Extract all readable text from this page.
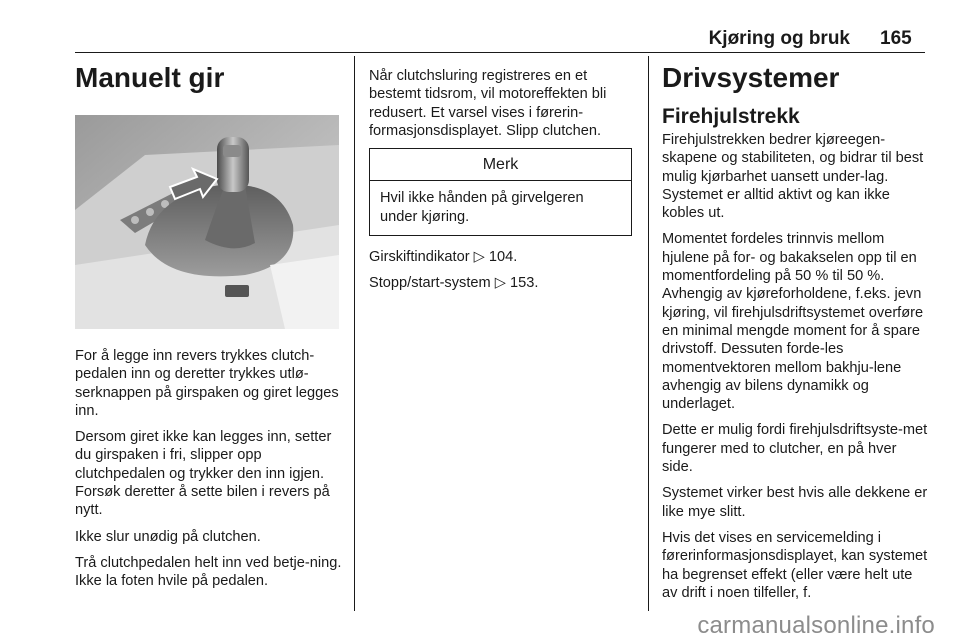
Kjøring og bruk 165
Manuelt gir

For å legge inn revers trykkes clutch-pedalen inn og deretter trykkes utlø-serknappen på girspaken og giret legges inn.

Dersom giret ikke kan legges inn, setter du girspaken i fri, slipper opp clutchpedalen og trykker den inn igjen. Forsøk deretter å sette bilen i revers på nytt.

Ikke slur unødig på clutchen.

Trå clutchpedalen helt inn ved betje-ning. Ikke la foten hvile på pedalen.

Når clutchsluring registreres en et bestemt tidsrom, vil motoreffekten bli redusert. Et varsel vises i førerin-formasjonsdisplayet. Slipp clutchen.

Merk
Hvil ikke hånden på girvelgeren under kjøring.

Girskiftindikator ▷ 104.

Stopp/start-system ▷ 153.

Drivsystemer
Firehjulstrekk

Firehjulstrekken bedrer kjøreegen-skapene og stabiliteten, og bidrar til best mulig kjørbarhet uansett under-lag. Systemet er alltid aktivt og kan ikke kobles ut.

Momentet fordeles trinnvis mellom hjulene på for- og bakakselen opp til en momentfordeling på 50 % til 50 %. Avhengig av kjøreforholdene, f.eks. jevn kjøring, vil firehjulsdriftsystemet overføre en minimal mengde moment for å spare drivstoff. Dessuten forde-les momentvektoren mellom bakhju-lene avhengig av bilens dynamikk og underlaget.

Dette er mulig fordi firehjulsdriftsyste-met fungerer med to clutcher, en på hver side.

Systemet virker best hvis alle dekkene er like mye slitt.

Hvis det vises en servicemelding i førerinformasjonsdisplayet, kan systemet ha begrenset effekt (eller være helt ute av drift i noen tilfeller, f.

carmanualsonline.info
